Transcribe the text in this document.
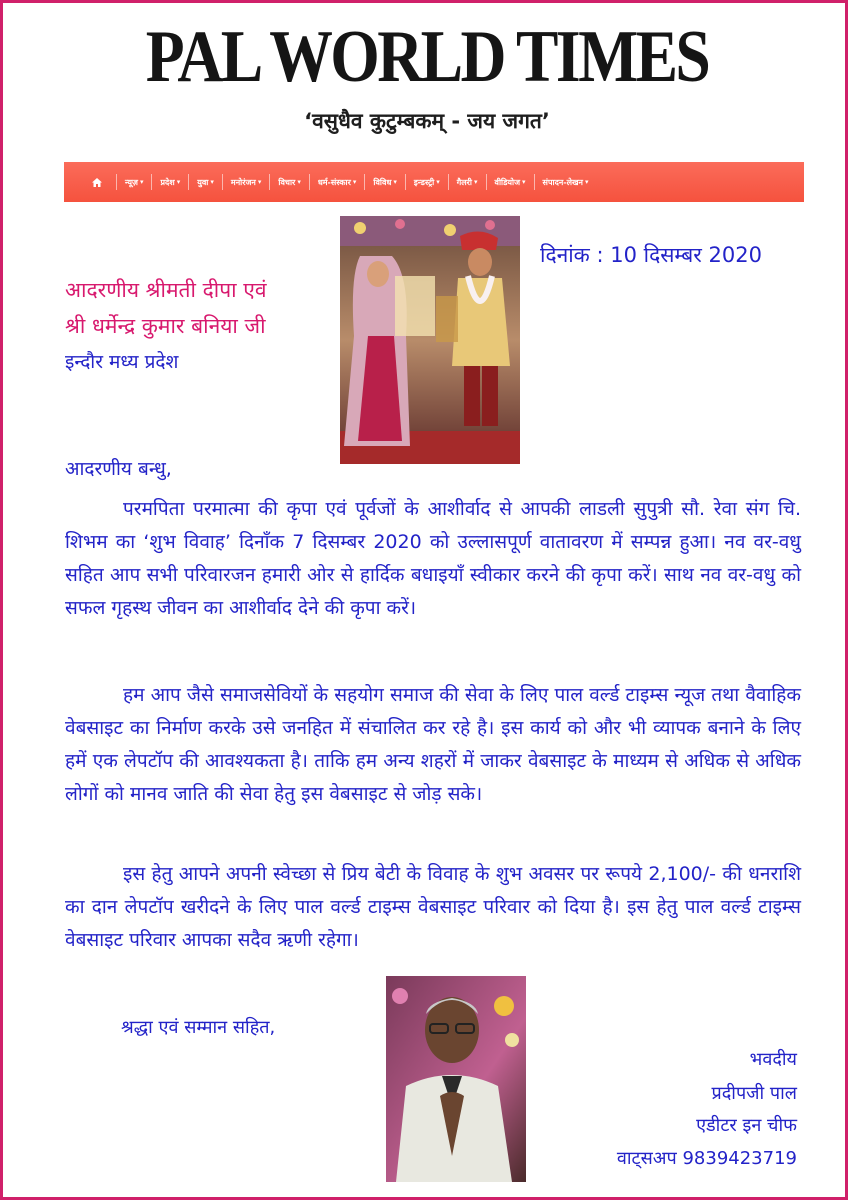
PAL WORLD TIMES
‘वसुधैव कुटुम्बकम् - जय जगत’
न्यूज़ ▾ प्रदेश ▾ युवा ▾ मनोरंजन ▾ विचार ▾ धर्म-संस्कार ▾ विविध ▾ इन्डस्ट्री ▾ गैलरी ▾ वीडियोज ▾ संपादन-लेखन ▾
दिनांक : 10 दिसम्बर 2020
आदरणीय श्रीमती दीपा एवं
श्री धर्मेन्द्र कुमार बनिया जी
इन्दौर मध्य प्रदेश
आदरणीय बन्धु,

परमपिता परमात्मा की कृपा एवं पूर्वजों के आशीर्वाद से आपकी लाडली सुपुत्री सौ. रेवा संग चि. शिभम का ‘शुभ विवाह’ दिनाँक 7 दिसम्बर 2020 को उल्लासपूर्ण वातावरण में सम्पन्न हुआ। नव वर-वधु सहित आप सभी परिवारजन हमारी ओर से हार्दिक बधाइयाँ स्वीकार करने की कृपा करें। साथ नव वर-वधु को सफल गृहस्थ जीवन का आशीर्वाद देने की कृपा करें।

हम आप जैसे समाजसेवियों के सहयोग समाज की सेवा के लिए पाल वर्ल्ड टाइम्स न्यूज तथा वैवाहिक वेबसाइट का निर्माण करके उसे जनहित में संचालित कर रहे है। इस कार्य को और भी व्यापक बनाने के लिए हमें एक लेपटॉप की आवश्यकता है। ताकि हम अन्य शहरों में जाकर वेबसाइट के माध्यम से अधिक से अधिक लोगों को मानव जाति की सेवा हेतु इस वेबसाइट से जोड़ सके।

इस हेतु आपने अपनी स्वेच्छा से प्रिय बेटी के विवाह के शुभ अवसर पर रूपये 2,100/- की धनराशि का दान लेपटॉप खरीदने के लिए पाल वर्ल्ड टाइम्स वेबसाइट परिवार को दिया है। इस हेतु पाल वर्ल्ड टाइम्स वेबसाइट परिवार आपका सदैव ऋणी रहेगा।

श्रद्धा एवं सम्मान सहित,
भवदीय
प्रदीपजी पाल
एडीटर इन चीफ
वाट्सअप 9839423719
